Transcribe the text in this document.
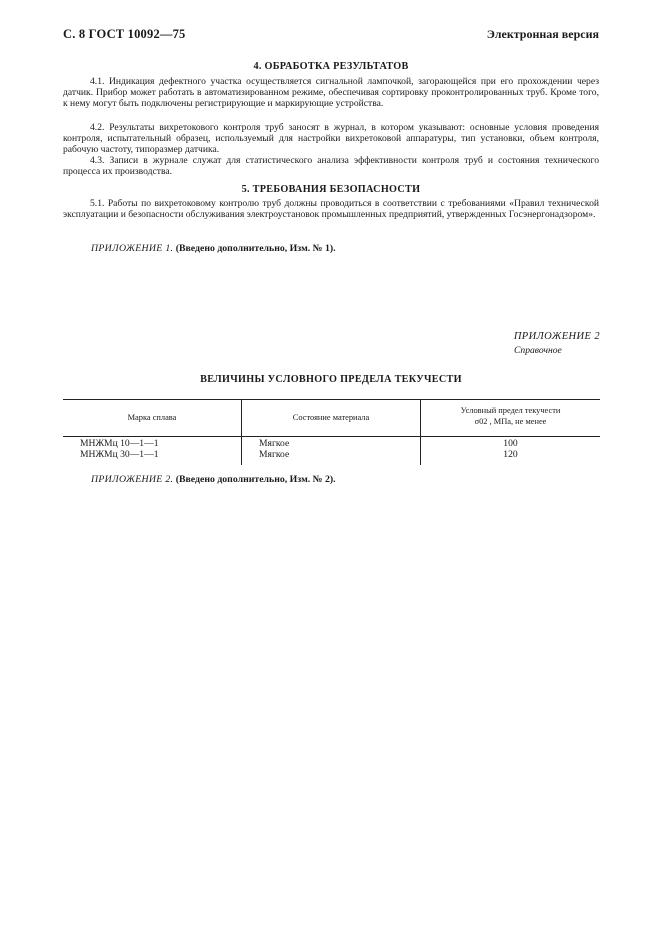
С. 8 ГОСТ 10092—75	Электронная версия
4. ОБРАБОТКА РЕЗУЛЬТАТОВ

4.1. Индикация дефектного участка осуществляется сигнальной лампочкой, загорающейся при его прохождении через датчик. Прибор может работать в автоматизированном режиме, обеспечивая сортировку проконтролированных труб. Кроме того, к нему могут быть подключены регистрирующие и маркирующие устройства.

4.2. Результаты вихретокового контроля труб заносят в журнал, в котором указывают: основные условия проведения контроля, испытательный образец, используемый для настройки вихретоковой аппаратуры, тип установки, объем контроля, рабочую частоту, типоразмер датчика.

4.3. Записи в журнале служат для статистического анализа эффективности контроля труб и состояния технического процесса их производства.

5. ТРЕБОВАНИЯ БЕЗОПАСНОСТИ

5.1. Работы по вихретоковому контролю труб должны проводиться в соответствии с требованиями «Правил технической эксплуатации и безопасности обслуживания электроустановок промышленных предприятий, утвержденных Госэнергонадзором».

ПРИЛОЖЕНИЕ 1. (Введено дополнительно, Изм. № 1).
ПРИЛОЖЕНИЕ 2
Справочное
ВЕЛИЧИНЫ УСЛОВНОГО ПРЕДЕЛА ТЕКУЧЕСТИ
Марка сплава	Состояние материала
Условный предел текучести
σ02 , МПа, не менее
МНЖМц 10—1—1	Мягкое	100
МНЖМц 30—1—1	Мягкое	120
ПРИЛОЖЕНИЕ 2. (Введено дополнительно, Изм. № 2).
